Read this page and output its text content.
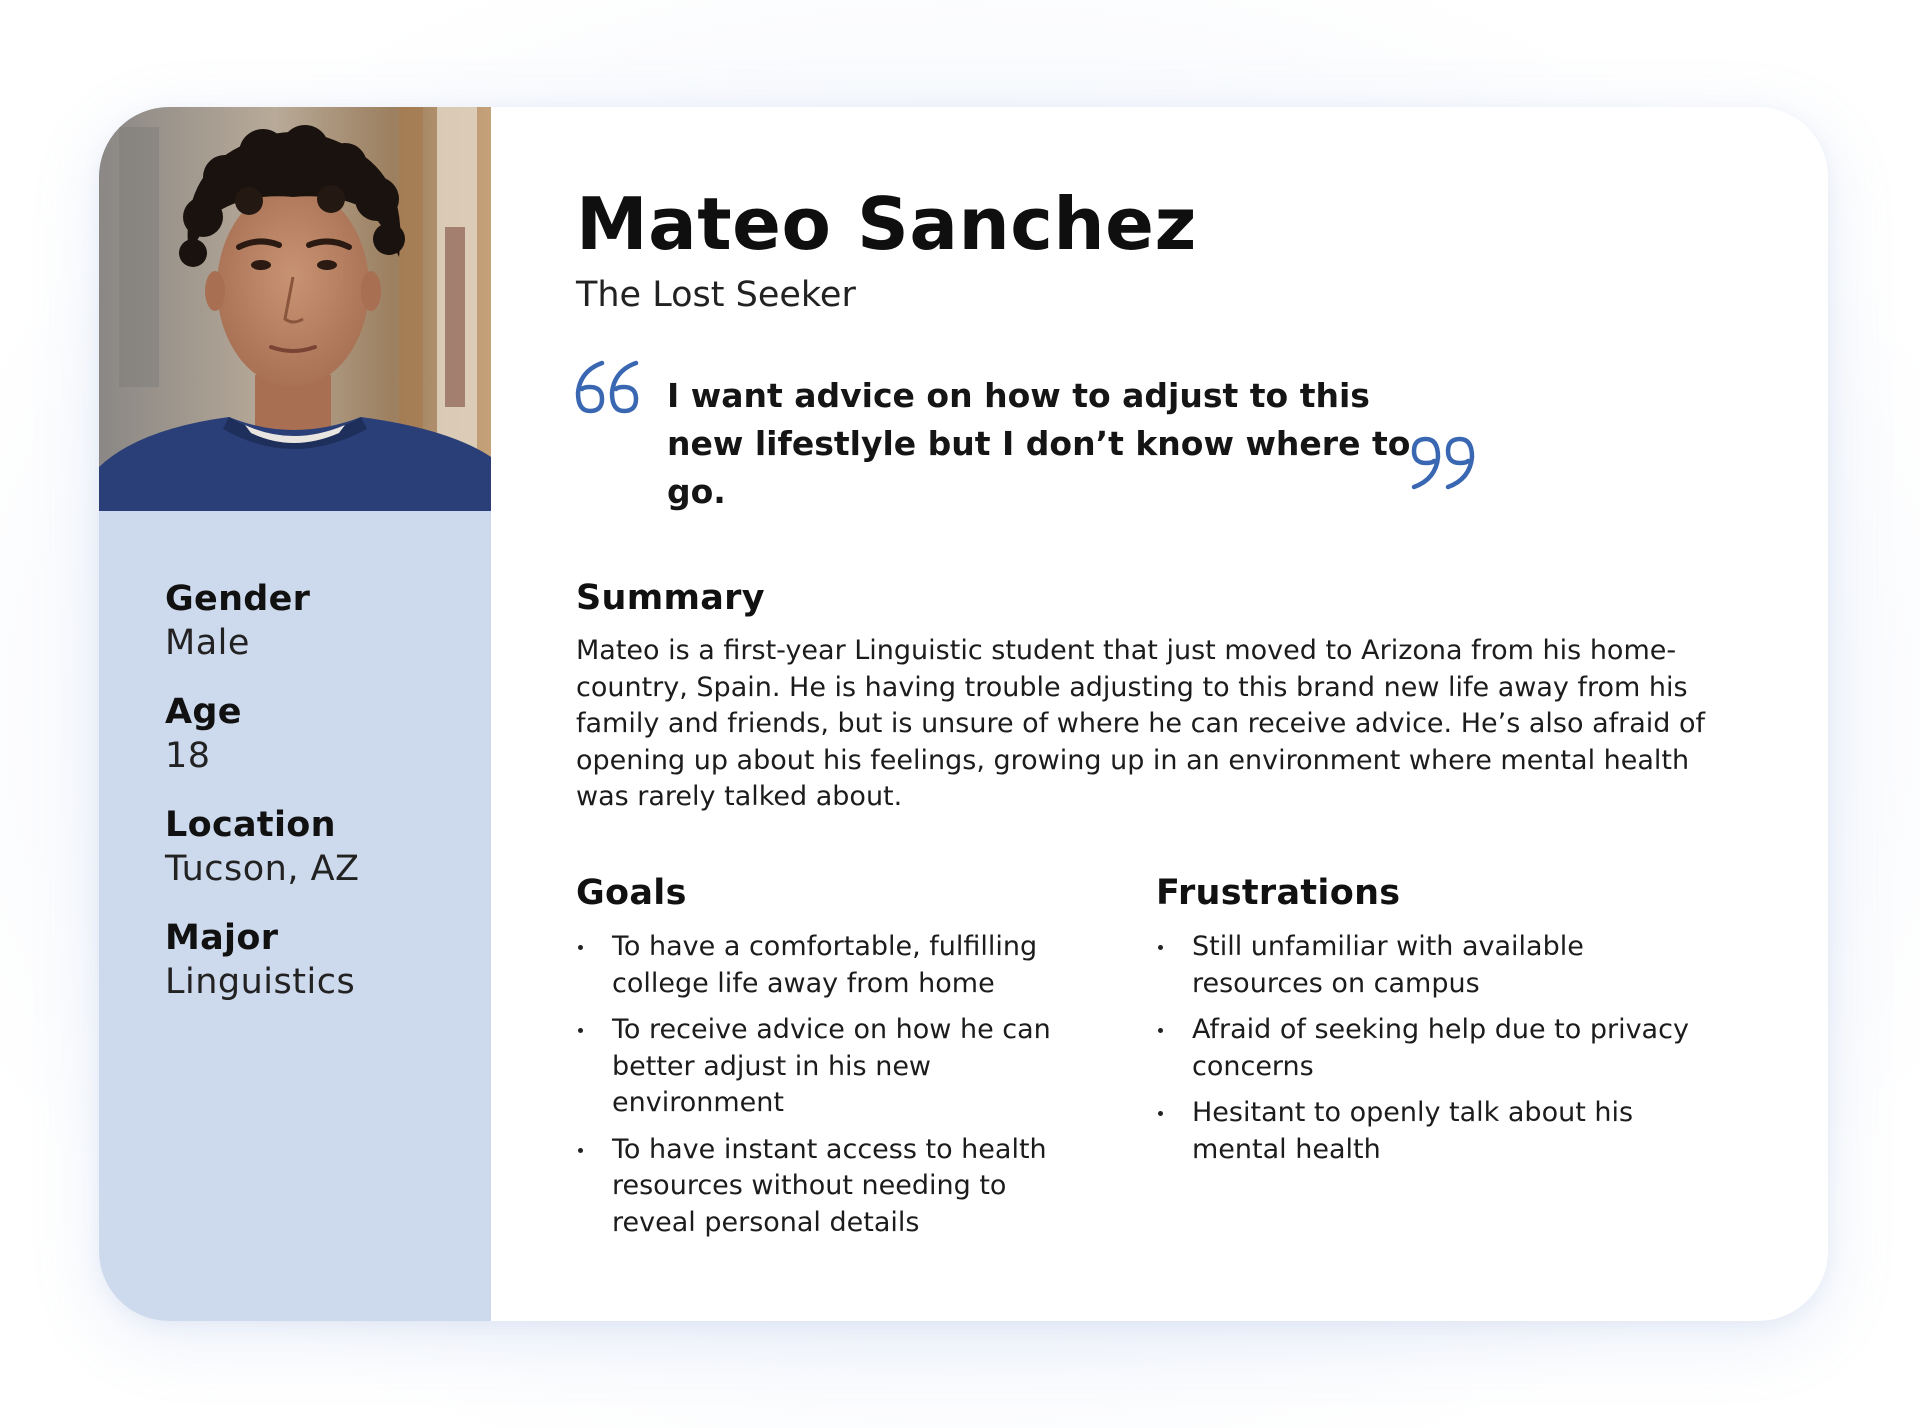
Gender
Male
Age
18
Location
Tucson, AZ
Major
Linguistics
Mateo Sanchez
The Lost Seeker
I want advice on how to adjust to this new lifestlyle but I don’t know where to go.
Summary
Mateo is a first-year Linguistic student that just moved to Arizona from his home-country, Spain. He is having trouble adjusting to this brand new life away from his family and friends, but is unsure of where he can receive advice. He’s also afraid of opening up about his feelings, growing up in an environment where mental health was rarely talked about.
Goals
To have a comfortable, fulfilling college life away from home
To receive advice on how he can better adjust in his new environment
To have instant access to health resources without needing to reveal personal details
Frustrations
Still unfamiliar with available resources on campus
Afraid of seeking help due to privacy concerns
Hesitant to openly talk about his mental health
